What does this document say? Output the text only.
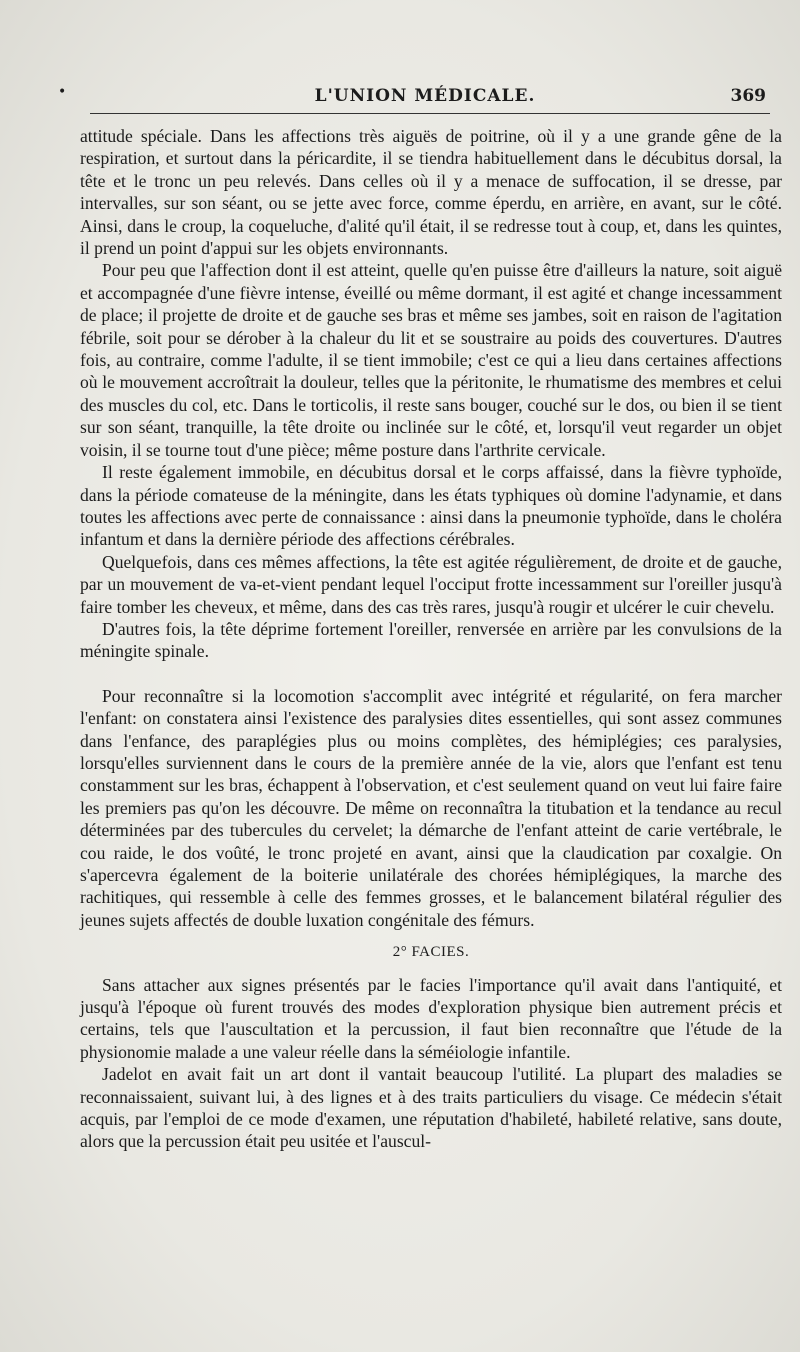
•	L'UNION MÉDICALE.	369

attitude spéciale. Dans les affections très aiguës de poitrine, où il y a une grande gêne de la respiration, et surtout dans la péricardite, il se tiendra habituellement dans le décubitus dorsal, la tête et le tronc un peu relevés. Dans celles où il y a menace de suffocation, il se dresse, par intervalles, sur son séant, ou se jette avec force, comme éperdu, en arrière, en avant, sur le côté. Ainsi, dans le croup, la coqueluche, d'alité qu'il était, il se redresse tout à coup, et, dans les quintes, il prend un point d'appui sur les objets environnants.

Pour peu que l'affection dont il est atteint, quelle qu'en puisse être d'ailleurs la nature, soit aiguë et accompagnée d'une fièvre intense, éveillé ou même dormant, il est agité et change incessamment de place; il projette de droite et de gauche ses bras et même ses jambes, soit en raison de l'agitation fébrile, soit pour se dérober à la chaleur du lit et se soustraire au poids des couvertures. D'autres fois, au contraire, comme l'adulte, il se tient immobile; c'est ce qui a lieu dans certaines affections où le mouvement accroîtrait la douleur, telles que la péritonite, le rhumatisme des membres et celui des muscles du col, etc. Dans le torticolis, il reste sans bouger, couché sur le dos, ou bien il se tient sur son séant, tranquille, la tête droite ou inclinée sur le côté, et, lorsqu'il veut regarder un objet voisin, il se tourne tout d'une pièce; même posture dans l'arthrite cervicale.

Il reste également immobile, en décubitus dorsal et le corps affaissé, dans la fièvre typhoïde, dans la période comateuse de la méningite, dans les états typhiques où domine l'adynamie, et dans toutes les affections avec perte de connaissance : ainsi dans la pneumonie typhoïde, dans le choléra infantum et dans la dernière période des affections cérébrales.

Quelquefois, dans ces mêmes affections, la tête est agitée régulièrement, de droite et de gauche, par un mouvement de va-et-vient pendant lequel l'occiput frotte incessamment sur l'oreiller jusqu'à faire tomber les cheveux, et même, dans des cas très rares, jusqu'à rougir et ulcérer le cuir chevelu.

D'autres fois, la tête déprime fortement l'oreiller, renversée en arrière par les convulsions de la méningite spinale.

Pour reconnaître si la locomotion s'accomplit avec intégrité et régularité, on fera marcher l'enfant: on constatera ainsi l'existence des paralysies dites essentielles, qui sont assez communes dans l'enfance, des paraplégies plus ou moins complètes, des hémiplégies; ces paralysies, lorsqu'elles surviennent dans le cours de la première année de la vie, alors que l'enfant est tenu constamment sur les bras, échappent à l'observation, et c'est seulement quand on veut lui faire faire les premiers pas qu'on les découvre. De même on reconnaîtra la titubation et la tendance au recul déterminées par des tubercules du cervelet; la démarche de l'enfant atteint de carie vertébrale, le cou raide, le dos voûté, le tronc projeté en avant, ainsi que la claudication par coxalgie. On s'apercevra également de la boiterie unilatérale des chorées hémiplégiques, la marche des rachitiques, qui ressemble à celle des femmes grosses, et le balancement bilatéral régulier des jeunes sujets affectés de double luxation congénitale des fémurs.

2° FACIES.

Sans attacher aux signes présentés par le facies l'importance qu'il avait dans l'antiquité, et jusqu'à l'époque où furent trouvés des modes d'exploration physique bien autrement précis et certains, tels que l'auscultation et la percussion, il faut bien reconnaître que l'étude de la physionomie malade a une valeur réelle dans la séméiologie infantile.

Jadelot en avait fait un art dont il vantait beaucoup l'utilité. La plupart des maladies se reconnaissaient, suivant lui, à des lignes et à des traits particuliers du visage. Ce médecin s'était acquis, par l'emploi de ce mode d'examen, une réputation d'habileté, habileté relative, sans doute, alors que la percussion était peu usitée et l'auscul-
